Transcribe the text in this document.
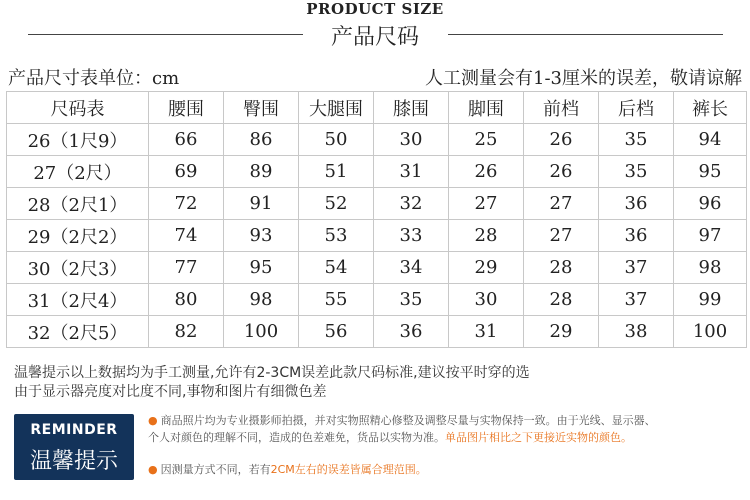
PRODUCT SIZE
产品尺码
产品尺寸表单位：cm	人工测量会有1-3厘米的误差，敬请谅解
尺码表	腰围	臀围	大腿围	膝围	脚围	前档	后档	裤长
26（1尺9）	66	86	50	30	25	26	35	94
27（2尺）	69	89	51	31	26	26	35	95
28（2尺1）	72	91	52	32	27	27	36	96
29（2尺2）	74	93	53	33	28	27	36	97
30（2尺3）	77	95	54	34	29	28	37	98
31（2尺4）	80	98	55	35	30	28	37	99
32（2尺5）	82	100	56	36	31	29	38	100
温馨提示以上数据均为手工测量,允许有2-3CM误差此款尺码标准,建议按平时穿的选
由于显示器亮度对比度不同,事物和图片有细微色差
REMINDER
温馨提示
● 商品照片均为专业摄影师拍摄，并对实物照精心修整及调整尽量与实物保持一致。由于光线、显示器、
个人对颜色的理解不同，造成的色差难免，货品以实物为准。单品图片相比之下更接近实物的颜色。
● 因测量方式不同，若有2CM左右的误差皆属合理范围。
